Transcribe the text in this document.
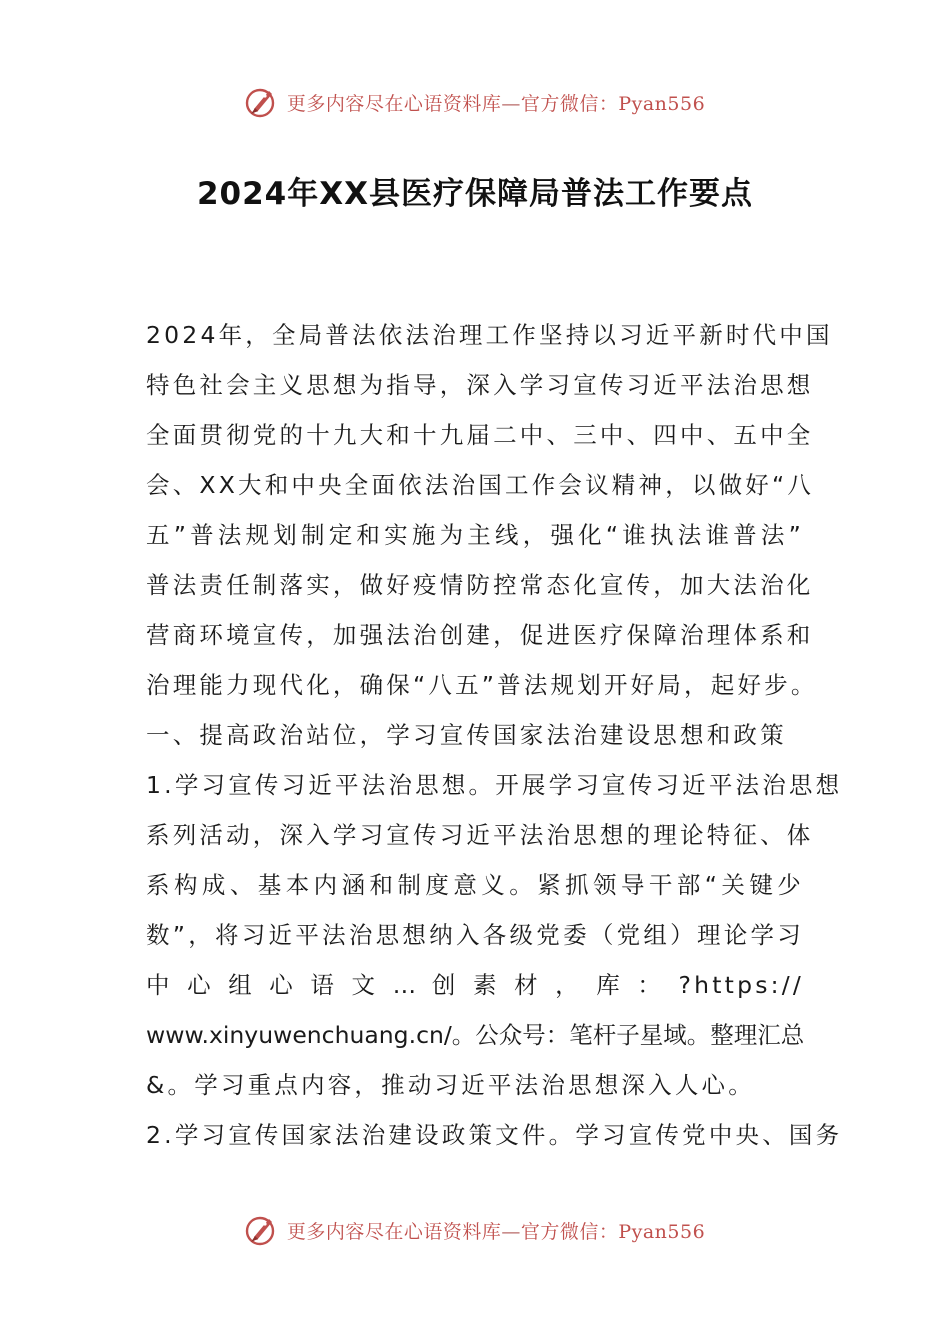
更多内容尽在心语资料库—官方微信：Pyan556
2024年XX县医疗保障局普法工作要点
2024年，全局普法依法治理工作坚持以习近平新时代中国
特色社会主义思想为指导，深入学习宣传习近平法治思想
全面贯彻党的十九大和十九届二中、三中、四中、五中全
会、XX大和中央全面依法治国工作会议精神，以做好“八
五”普法规划制定和实施为主线，强化“谁执法谁普法”
普法责任制落实，做好疫情防控常态化宣传，加大法治化
营商环境宣传，加强法治创建，促进医疗保障治理体系和
治理能力现代化，确保“八五”普法规划开好局，起好步。
一、提高政治站位，学习宣传国家法治建设思想和政策
1.学习宣传习近平法治思想。开展学习宣传习近平法治思想
系列活动，深入学习宣传习近平法治思想的理论特征、体
系构成、基本内涵和制度意义。紧抓领导干部“关键少
数”，将习近平法治思想纳入各级党委（党组）理论学习
中 心 组 心 语 文 … 创 素 材 ， 库 ： ?https://
www.xinyuwenchuang.cn/。公众号：笔杆子星域。整理汇总
&。学习重点内容，推动习近平法治思想深入人心。
2.学习宣传国家法治建设政策文件。学习宣传党中央、国务
更多内容尽在心语资料库—官方微信：Pyan556
